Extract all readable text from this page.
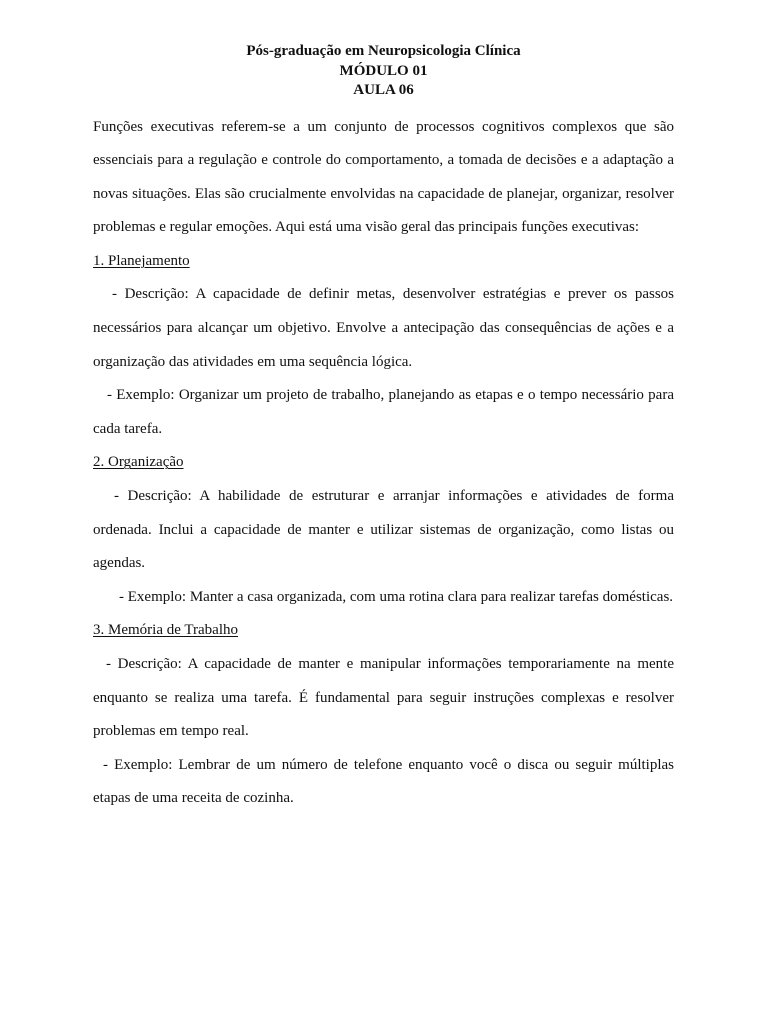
Pós-graduação em Neuropsicologia Clínica
MÓDULO 01
AULA 06

Funções executivas referem-se a um conjunto de processos cognitivos complexos que são essenciais para a regulação e controle do comportamento, a tomada de decisões e a adaptação a novas situações. Elas são crucialmente envolvidas na capacidade de planejar, organizar, resolver problemas e regular emoções. Aqui está uma visão geral das principais funções executivas:

1. Planejamento

- Descrição: A capacidade de definir metas, desenvolver estratégias e prever os passos necessários para alcançar um objetivo. Envolve a antecipação das consequências de ações e a organização das atividades em uma sequência lógica.

- Exemplo: Organizar um projeto de trabalho, planejando as etapas e o tempo necessário para cada tarefa.

2. Organização

- Descrição: A habilidade de estruturar e arranjar informações e atividades de forma ordenada. Inclui a capacidade de manter e utilizar sistemas de organização, como listas ou agendas.

- Exemplo: Manter a casa organizada, com uma rotina clara para realizar tarefas domésticas.

3. Memória de Trabalho

- Descrição: A capacidade de manter e manipular informações temporariamente na mente enquanto se realiza uma tarefa. É fundamental para seguir instruções complexas e resolver problemas em tempo real.

- Exemplo: Lembrar de um número de telefone enquanto você o disca ou seguir múltiplas etapas de uma receita de cozinha.
